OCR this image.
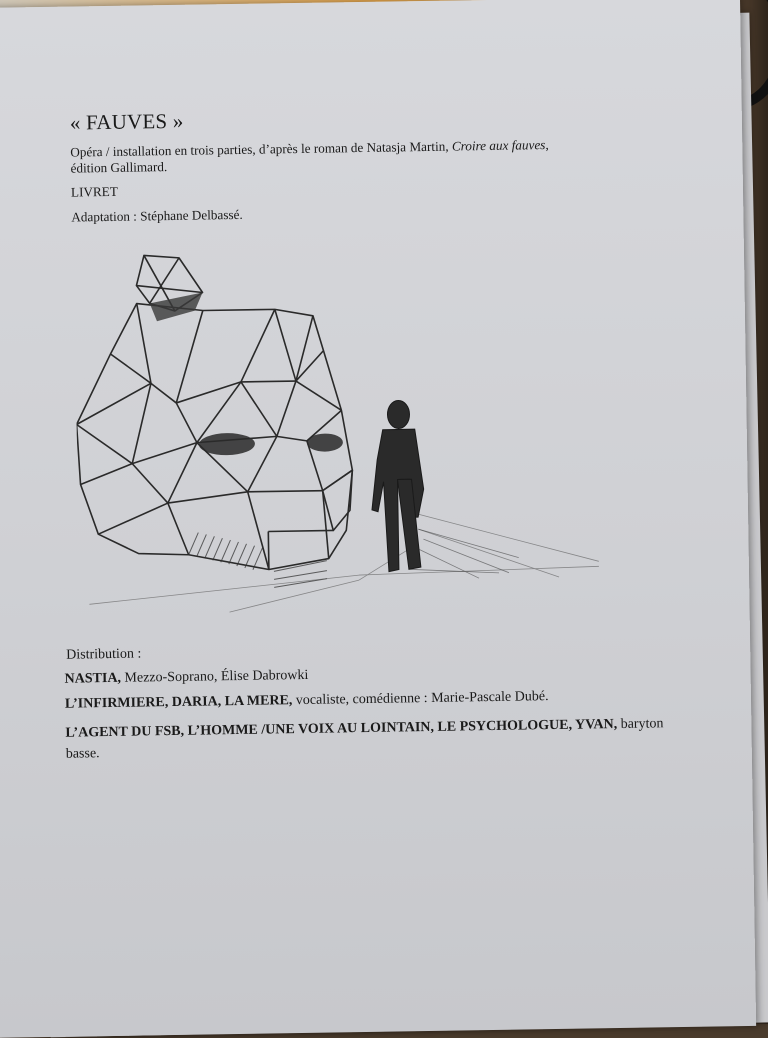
« FAUVES »
Opéra / installation en trois parties, d’après le roman de Natasja Martin, Croire aux fauves,
édition Gallimard.
LIVRET
Adaptation : Stéphane Delbassé.
Distribution :
NASTIA, Mezzo-Soprano, Élise Dabrowki
L’INFIRMIERE, DARIA, LA MERE, vocaliste, comédienne : Marie-Pascale Dubé.
L’AGENT DU FSB, L’HOMME /UNE VOIX AU LOINTAIN, LE PSYCHOLOGUE, YVAN, baryton basse.
